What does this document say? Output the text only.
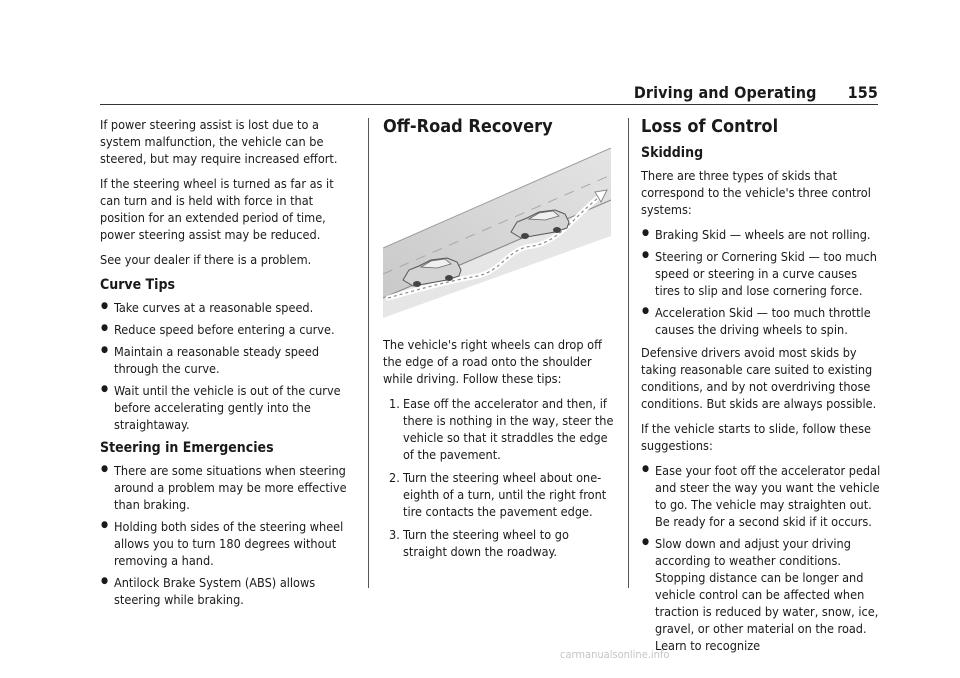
Driving and Operating 155

If power steering assist is lost due to a system malfunction, the vehicle can be steered, but may require increased effort.

If the steering wheel is turned as far as it can turn and is held with force in that position for an extended period of time, power steering assist may be reduced.

See your dealer if there is a problem.

Curve Tips
● Take curves at a reasonable speed.
● Reduce speed before entering a curve.
● Maintain a reasonable steady speed through the curve.
● Wait until the vehicle is out of the curve before accelerating gently into the straightaway.
Steering in Emergencies
● There are some situations when steering around a problem may be more effective than braking.
● Holding both sides of the steering wheel allows you to turn 180 degrees without removing a hand.
● Antilock Brake System (ABS) allows steering while braking.
Off-Road Recovery

The vehicle's right wheels can drop off the edge of a road onto the shoulder while driving. Follow these tips:

1. Ease off the accelerator and then, if there is nothing in the way, steer the vehicle so that it straddles the edge of the pavement.
2. Turn the steering wheel about one-eighth of a turn, until the right front tire contacts the pavement edge.
3. Turn the steering wheel to go straight down the roadway.
Loss of Control
Skidding

There are three types of skids that correspond to the vehicle's three control systems:

● Braking Skid — wheels are not rolling.
● Steering or Cornering Skid — too much speed or steering in a curve causes tires to slip and lose cornering force.
● Acceleration Skid — too much throttle causes the driving wheels to spin.

Defensive drivers avoid most skids by taking reasonable care suited to existing conditions, and by not overdriving those conditions. But skids are always possible.

If the vehicle starts to slide, follow these suggestions:

● Ease your foot off the accelerator pedal and steer the way you want the vehicle to go. The vehicle may straighten out. Be ready for a second skid if it occurs.
● Slow down and adjust your driving according to weather conditions. Stopping distance can be longer and vehicle control can be affected when traction is reduced by water, snow, ice, gravel, or other material on the road. Learn to recognize
carmanualsonline.info
